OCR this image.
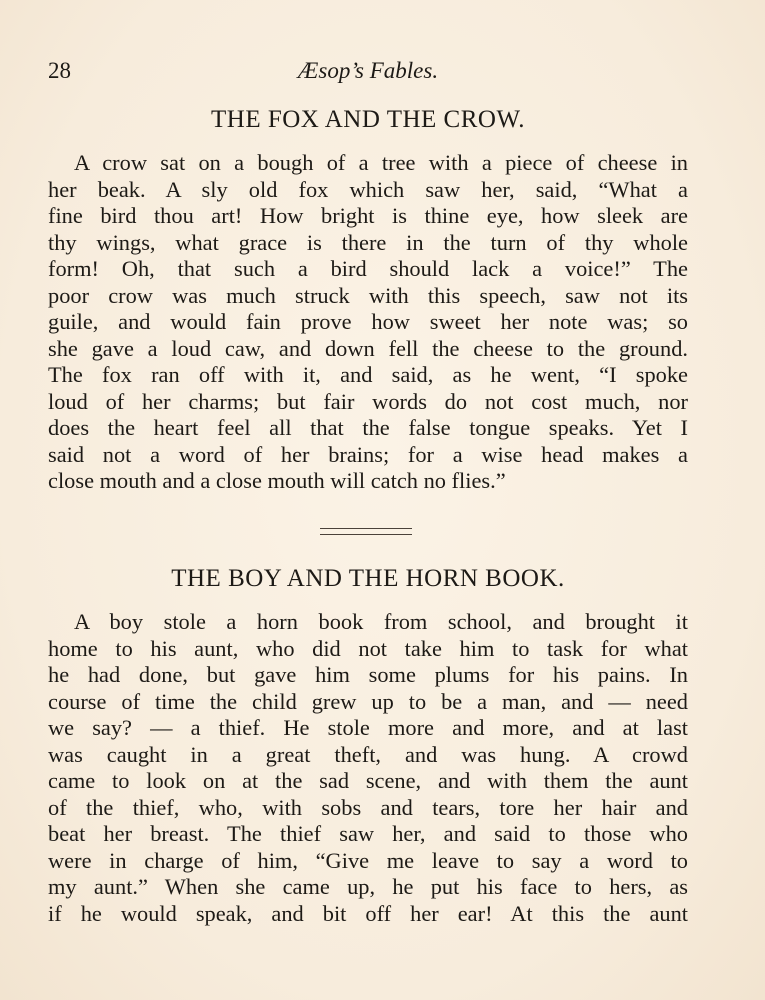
28	Æsop’s Fables.
THE FOX AND THE CROW.
A crow sat on a bough of a tree with a piece of cheese in
her beak. A sly old fox which saw her, said, “What a
fine bird thou art! How bright is thine eye, how sleek are
thy wings, what grace is there in the turn of thy whole
form! Oh, that such a bird should lack a voice!” The
poor crow was much struck with this speech, saw not its
guile, and would fain prove how sweet her note was; so
she gave a loud caw, and down fell the cheese to the ground.
The fox ran off with it, and said, as he went, “I spoke
loud of her charms; but fair words do not cost much, nor
does the heart feel all that the false tongue speaks. Yet I
said not a word of her brains; for a wise head makes a
close mouth and a close mouth will catch no flies.”
THE BOY AND THE HORN BOOK.
A boy stole a horn book from school, and brought it
home to his aunt, who did not take him to task for what
he had done, but gave him some plums for his pains. In
course of time the child grew up to be a man, and — need
we say? — a thief. He stole more and more, and at last
was caught in a great theft, and was hung. A crowd
came to look on at the sad scene, and with them the aunt
of the thief, who, with sobs and tears, tore her hair and
beat her breast. The thief saw her, and said to those who
were in charge of him, “Give me leave to say a word to
my aunt.” When she came up, he put his face to hers, as
if he would speak, and bit off her ear! At this the aunt
